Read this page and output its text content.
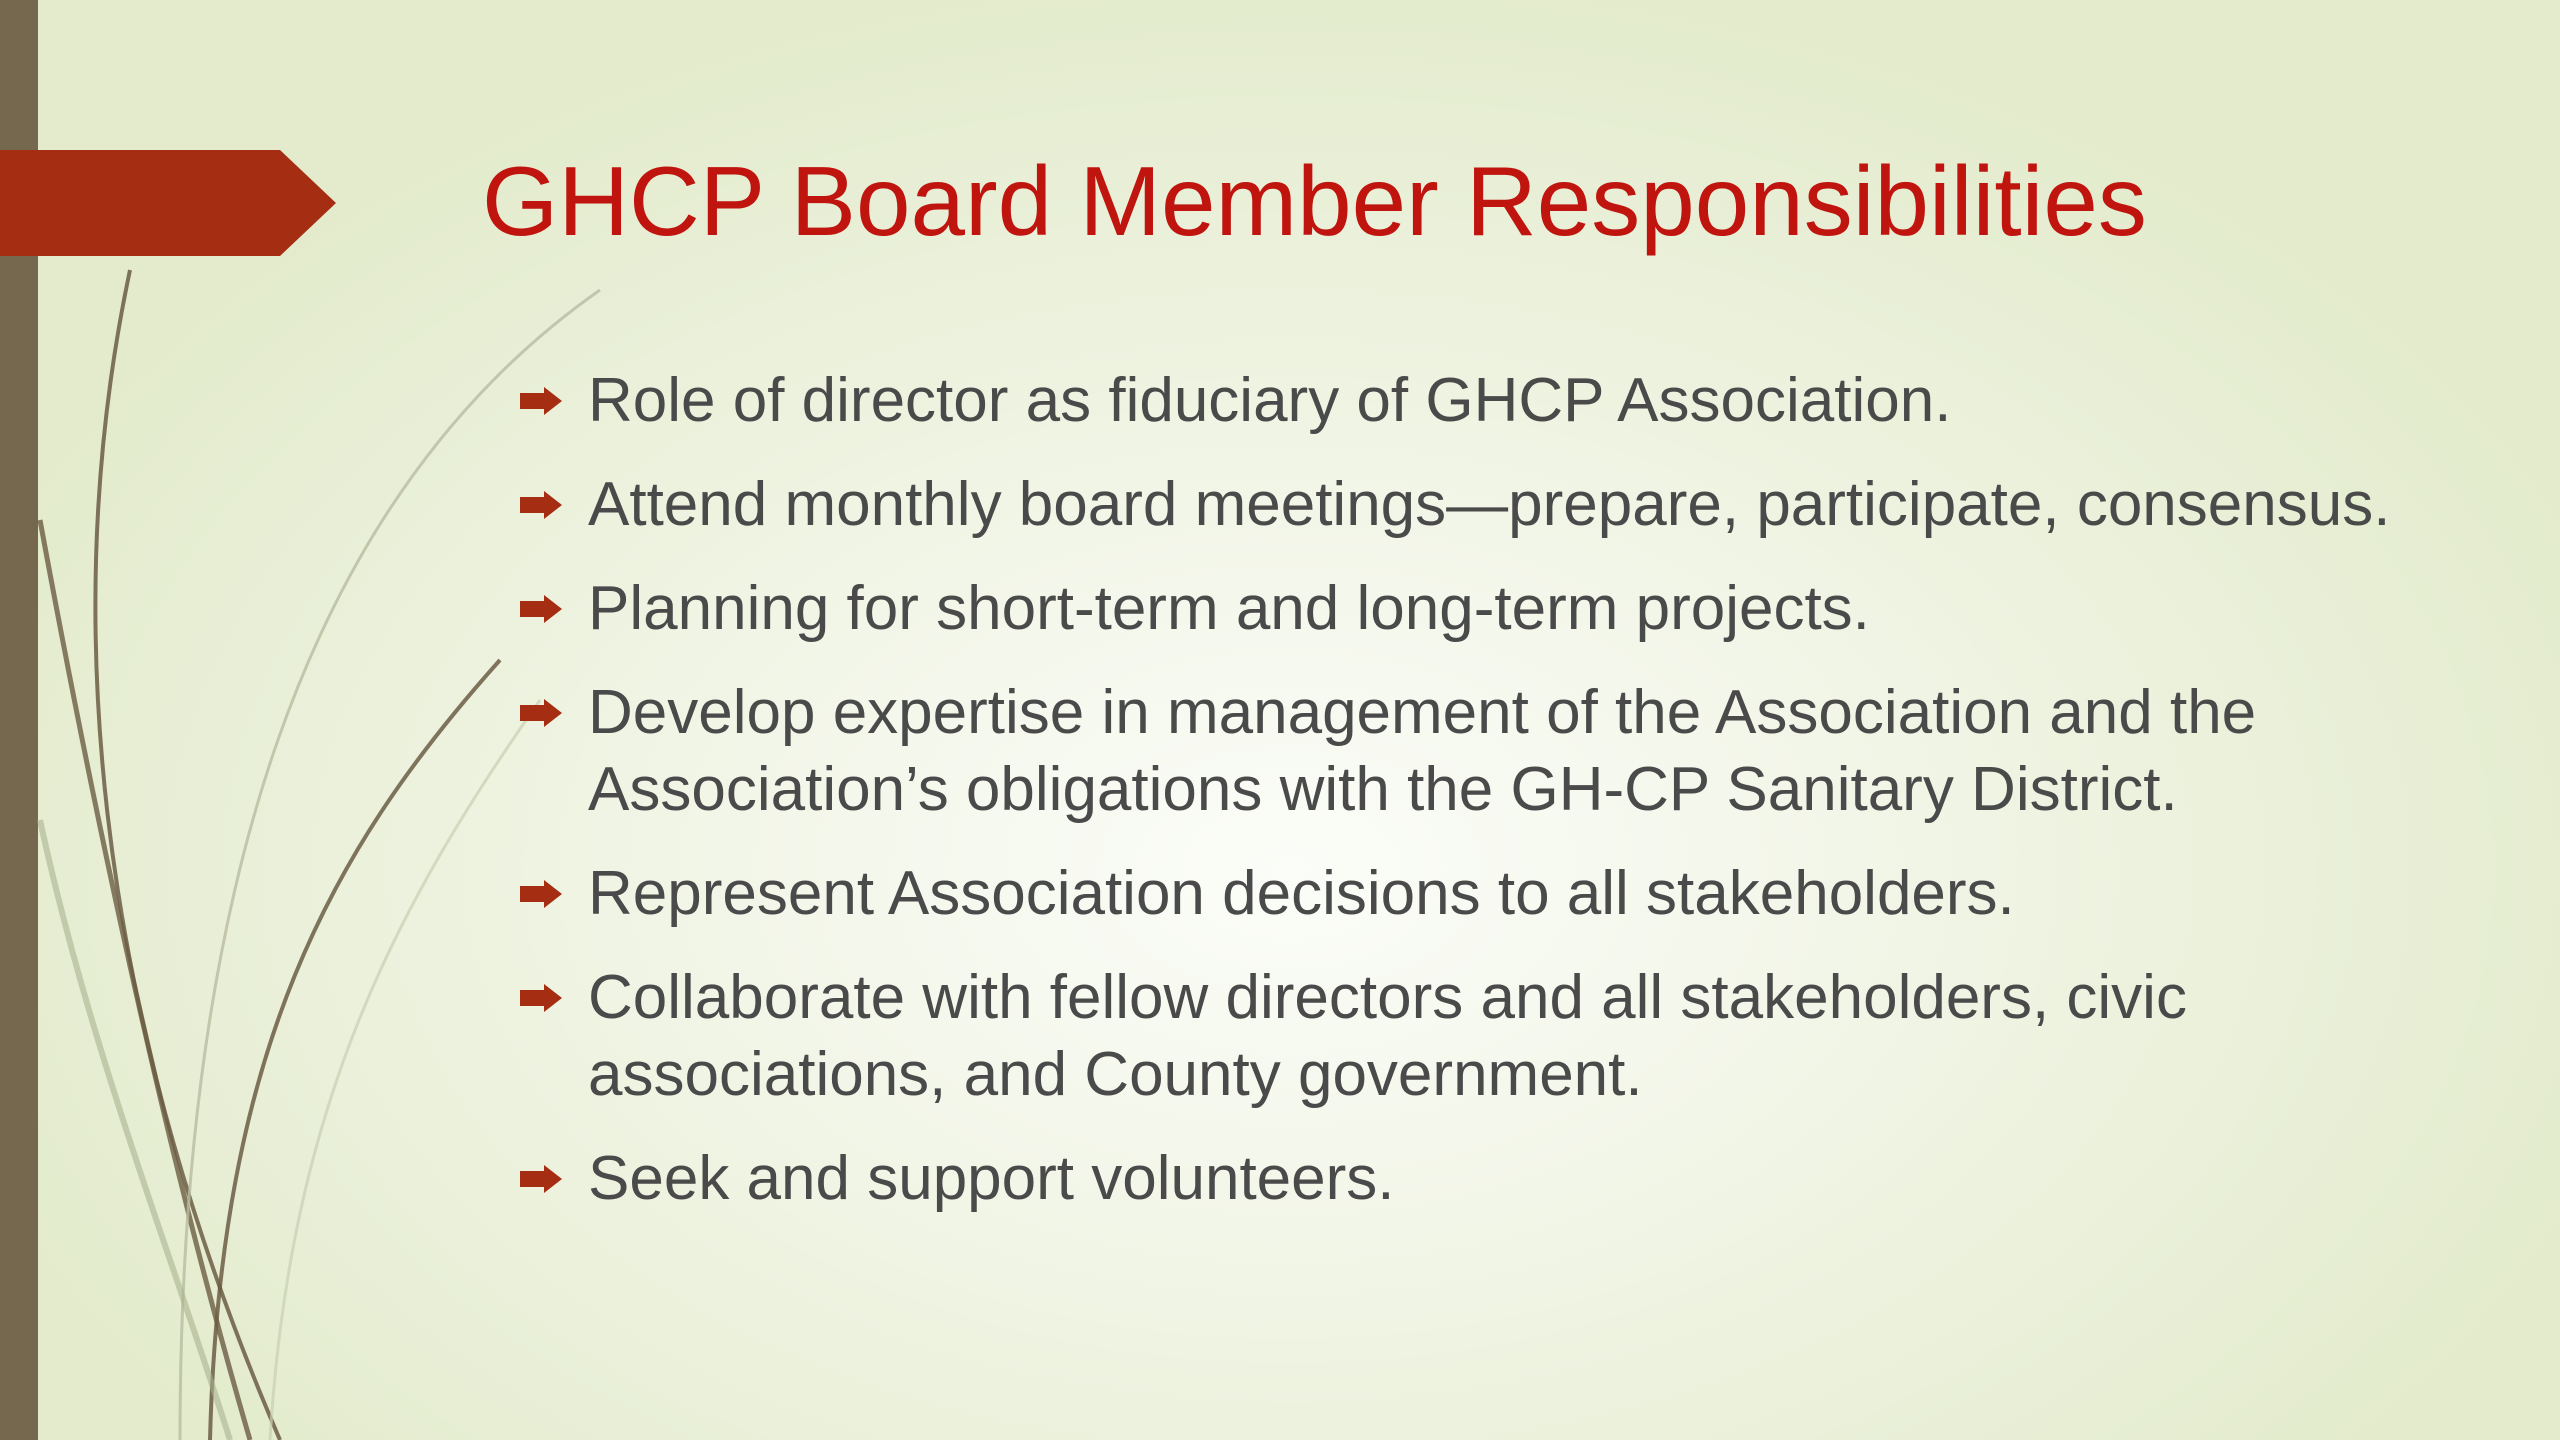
GHCP Board Member Responsibilities
Role of director as fiduciary of GHCP Association.
Attend monthly board meetings—prepare, participate, consensus.
Planning for short-term and long-term projects.
Develop expertise in management of the Association and the Association’s obligations with the GH-CP Sanitary District.
Represent Association decisions to all stakeholders.
Collaborate with fellow directors and all stakeholders, civic associations, and County government.
Seek and support volunteers.
